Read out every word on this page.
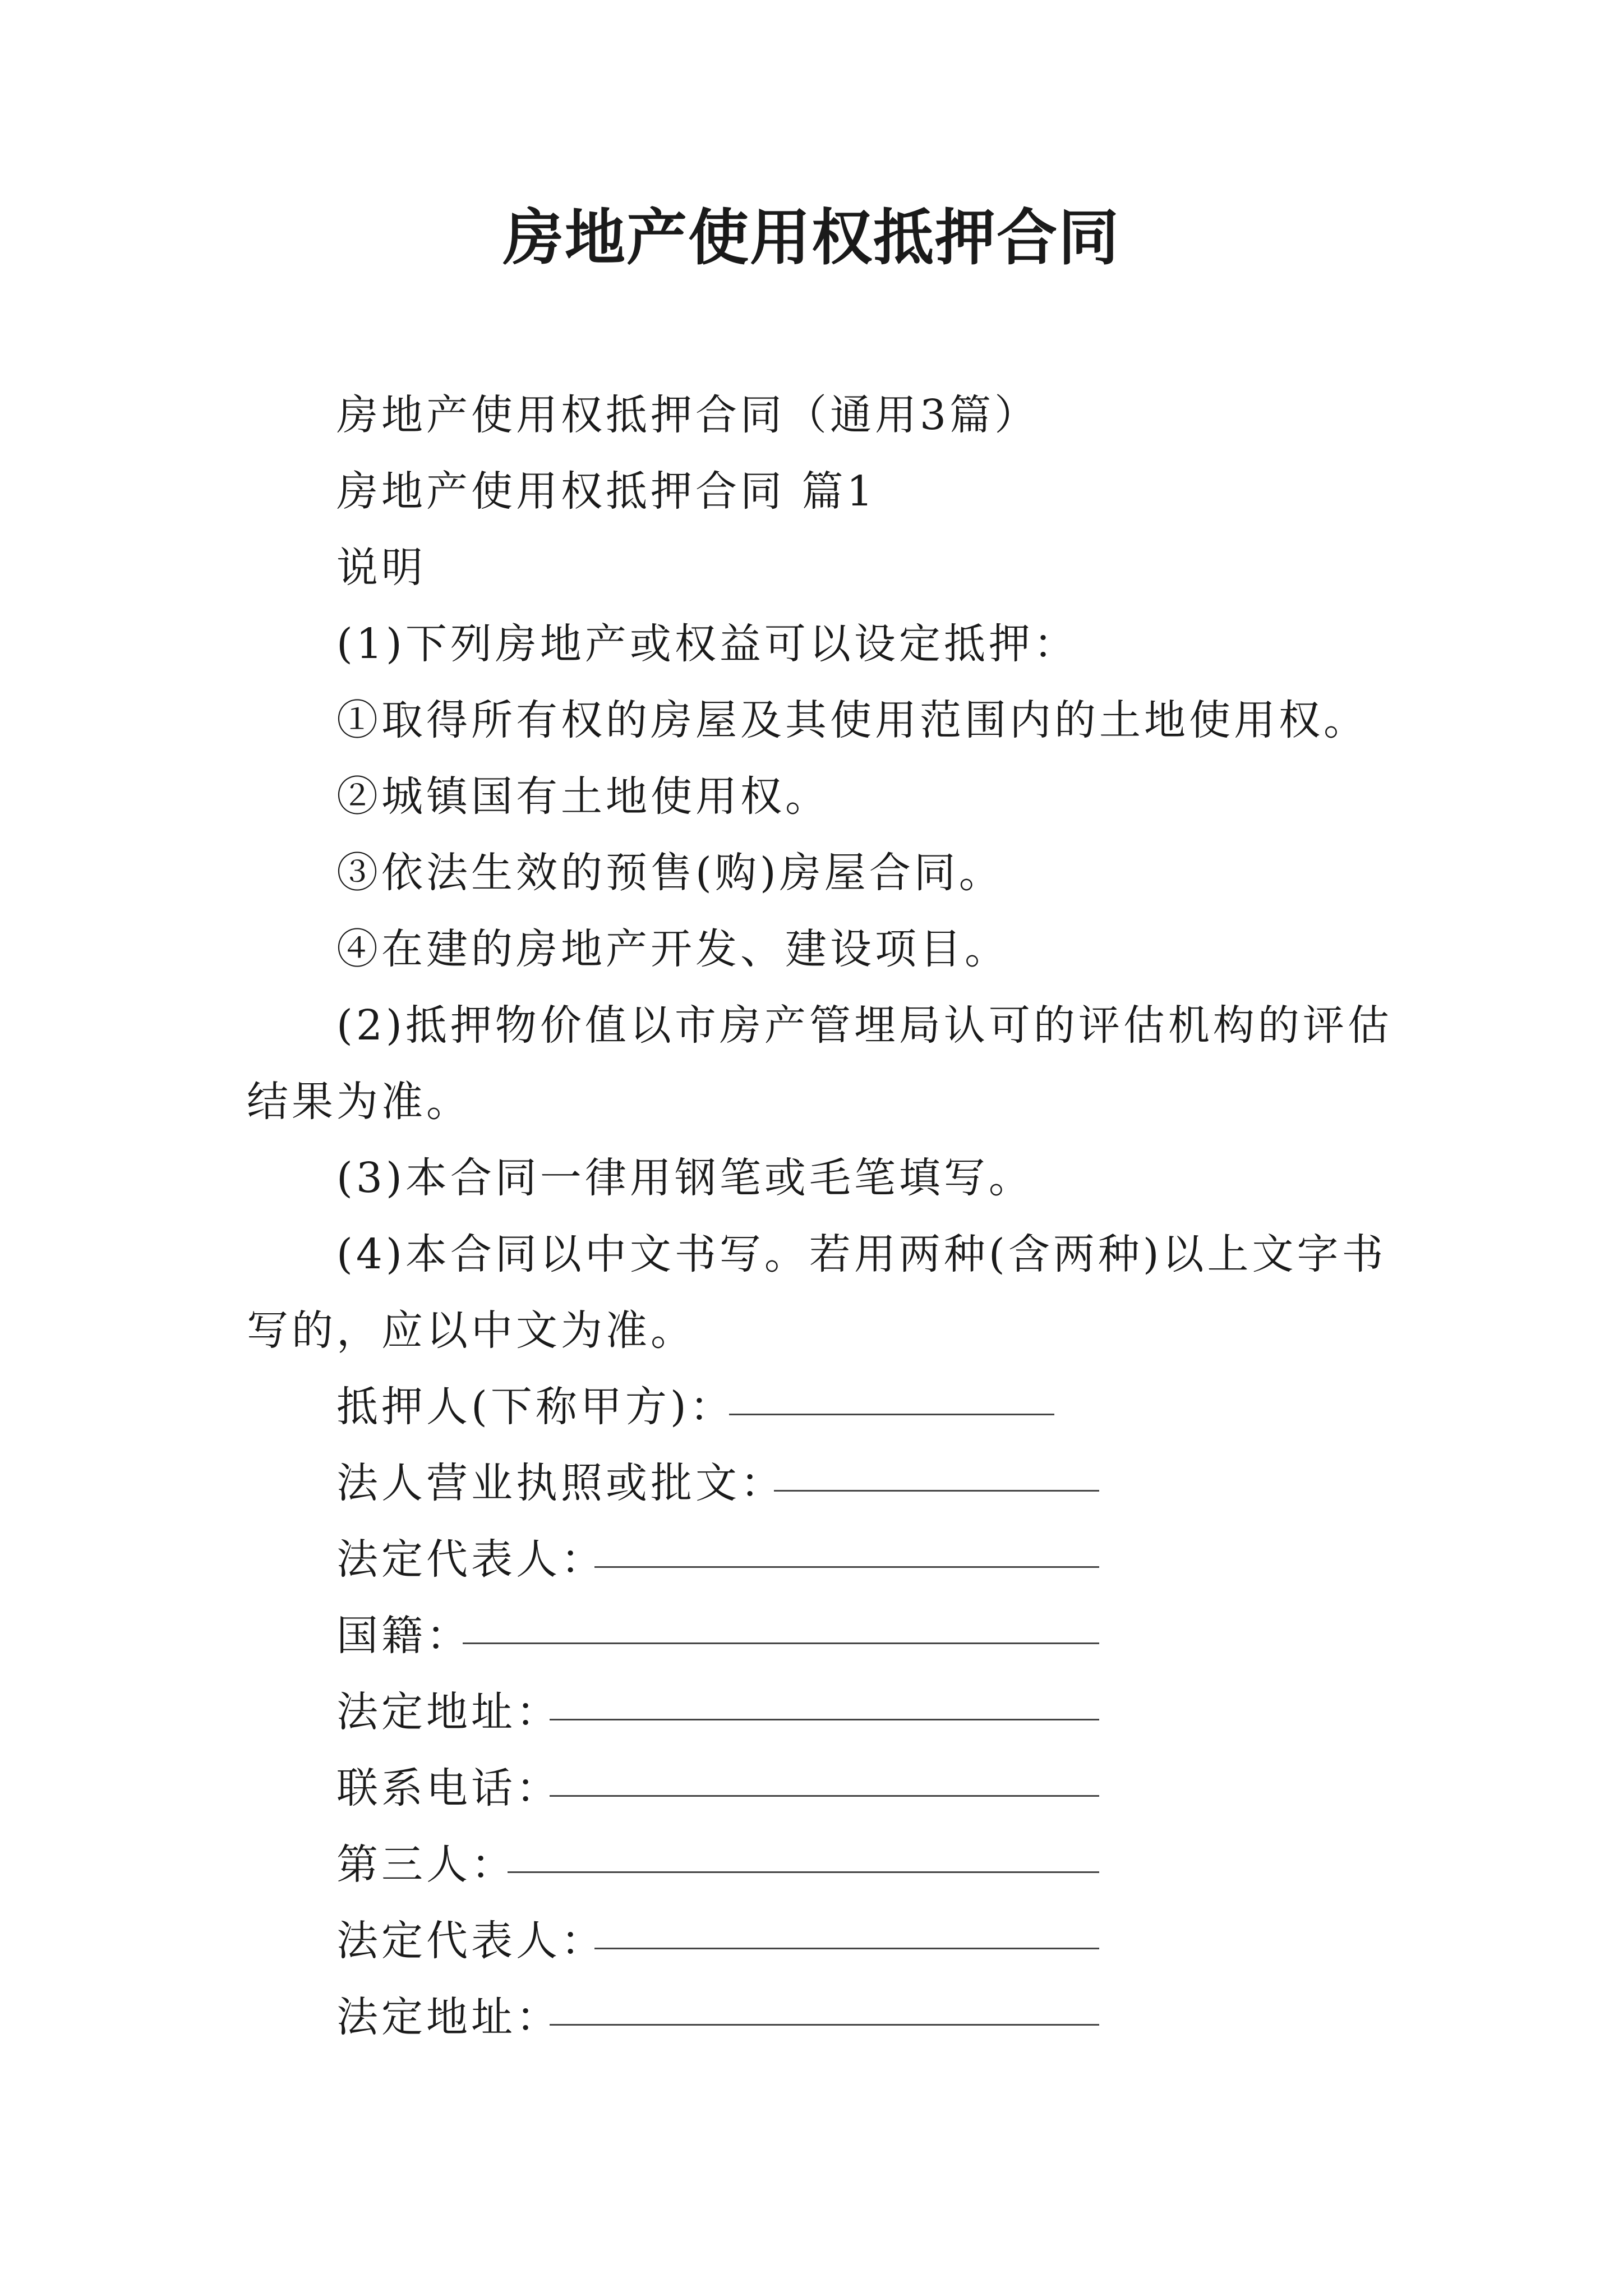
房地产使用权抵押合同
房地产使用权抵押合同（通用3篇）
房地产使用权抵押合同 篇1
说明
(1)下列房地产或权益可以设定抵押：
①取得所有权的房屋及其使用范围内的土地使用权。
②城镇国有土地使用权。
③依法生效的预售(购)房屋合同。
④在建的房地产开发、建设项目。
(2)抵押物价值以市房产管埋局认可的评估机构的评估
结果为准。
(3)本合同一律用钢笔或毛笔填写。
(4)本合同以中文书写。若用两种(含两种)以上文字书
写的，应以中文为准。
抵押人(下称甲方)：
法人营业执照或批文：
法定代表人：
国籍：
法定地址：
联系电话：
第三人：
法定代表人：
法定地址：
